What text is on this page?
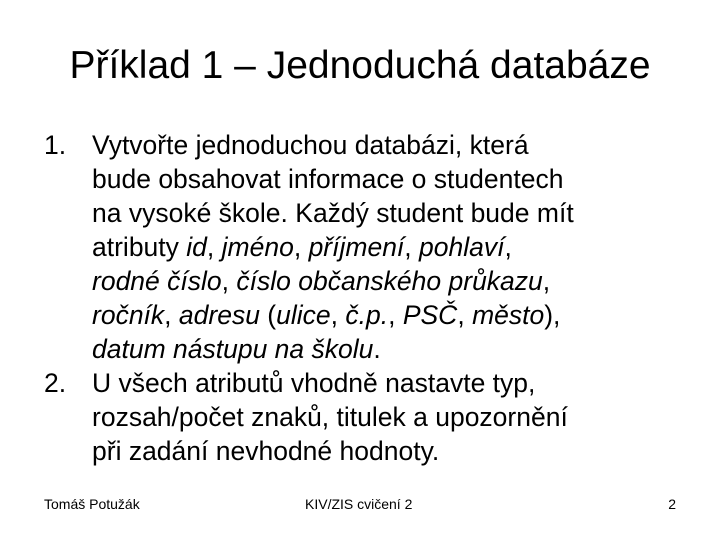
Příklad 1 – Jednoduchá databáze
1. Vytvořte jednoduchou databázi, která
bude obsahovat informace o studentech
na vysoké škole. Každý student bude mít
atributy id, jméno, příjmení, pohlaví,
rodné číslo, číslo občanského průkazu,
ročník, adresu (ulice, č.p., PSČ, město),
datum nástupu na školu.
2. U všech atributů vhodně nastavte typ,
rozsah/počet znaků, titulek a upozornění
při zadání nevhodné hodnoty.
Tomáš Potužák	KIV/ZIS cvičení 2	2
